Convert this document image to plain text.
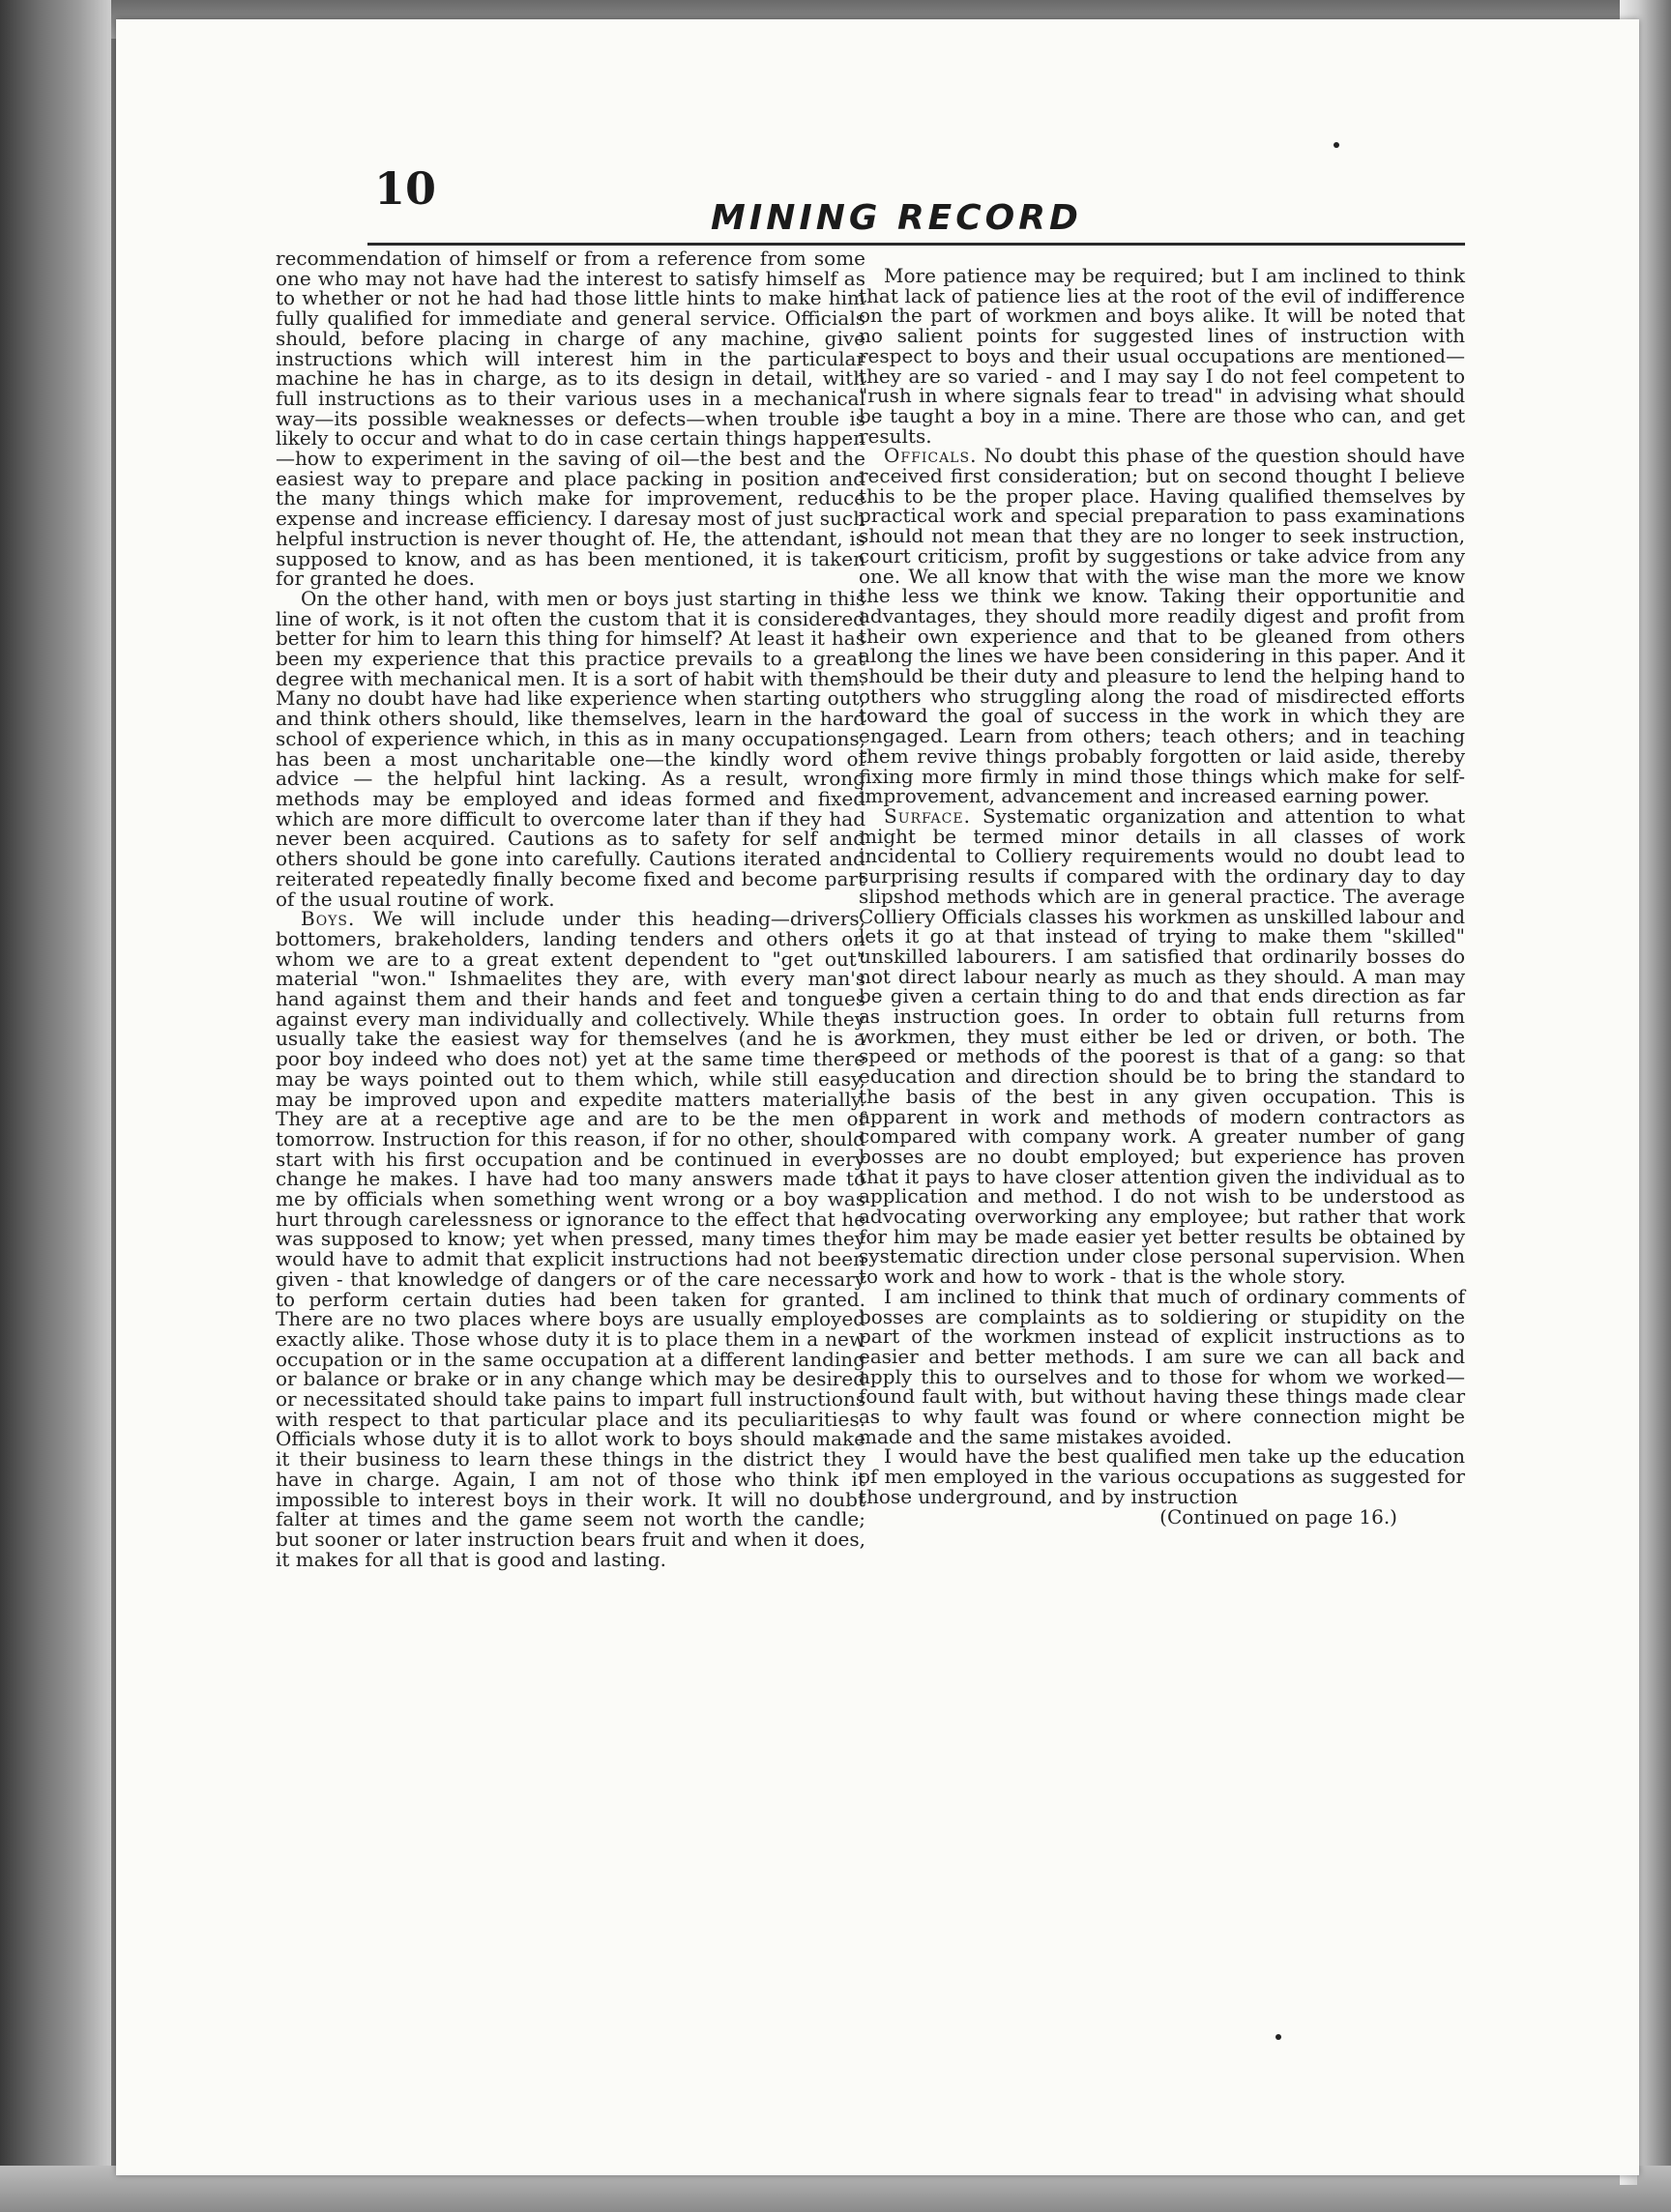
10
MINING RECORD

recommendation of himself or from a reference from some one who may not have had the interest to satisfy himself as to whether or not he had had those little hints to make him fully qualified for immediate and general service. Officials should, before placing in charge of any machine, give instructions which will interest him in the particular machine he has in charge, as to its design in detail, with full instructions as to their various uses in a mechanical way—its possible weaknesses or defects—when trouble is likely to occur and what to do in case certain things happen—how to experiment in the saving of oil—the best and the easiest way to prepare and place packing in position and the many things which make for improvement, reduce expense and increase efficiency. I daresay most of just such helpful instruction is never thought of. He, the attendant, is supposed to know, and as has been mentioned, it is taken for granted he does.

On the other hand, with men or boys just starting in this line of work, is it not often the custom that it is considered better for him to learn this thing for himself? At least it has been my experience that this practice prevails to a great degree with mechanical men. It is a sort of habit with them. Many no doubt have had like experience when starting out, and think others should, like themselves, learn in the hard school of experience which, in this as in many occupations, has been a most uncharitable one—the kindly word of advice — the helpful hint lacking. As a result, wrong methods may be employed and ideas formed and fixed which are more difficult to overcome later than if they had never been acquired. Cautions as to safety for self and others should be gone into carefully. Cautions iterated and reiterated repeatedly finally become fixed and become part of the usual routine of work.

Boys. We will include under this heading—drivers, bottomers, brakeholders, landing tenders and others on whom we are to a great extent dependent to "get out" material "won." Ishmaelites they are, with every man's hand against them and their hands and feet and tongues against every man individually and collectively. While they usually take the easiest way for themselves (and he is a poor boy indeed who does not) yet at the same time there may be ways pointed out to them which, while still easy, may be improved upon and expedite matters materially. They are at a receptive age and are to be the men of tomorrow. Instruction for this reason, if for no other, should start with his first occupation and be continued in every change he makes. I have had too many answers made to me by officials when something went wrong or a boy was hurt through carelessness or ignorance to the effect that he was supposed to know; yet when pressed, many times they would have to admit that explicit instructions had not been given - that knowledge of dangers or of the care necessary to perform certain duties had been taken for granted. There are no two places where boys are usually employed exactly alike. Those whose duty it is to place them in a new occupation or in the same occupation at a different landing or balance or brake or in any change which may be desired or necessitated should take pains to impart full instructions with respect to that particular place and its peculiarities. Officials whose duty it is to allot work to boys should make it their business to learn these things in the district they have in charge. Again, I am not of those who think it impossible to interest boys in their work. It will no doubt falter at times and the game seem not worth the candle; but sooner or later instruction bears fruit and when it does, it makes for all that is good and lasting.

More patience may be required; but I am inclined to think that lack of patience lies at the root of the evil of indifference on the part of workmen and boys alike. It will be noted that no salient points for suggested lines of instruction with respect to boys and their usual occupations are mentioned—they are so varied - and I may say I do not feel competent to "rush in where signals fear to tread" in advising what should be taught a boy in a mine. There are those who can, and get results.

Officals. No doubt this phase of the question should have received first consideration; but on second thought I believe this to be the proper place. Having qualified themselves by practical work and special preparation to pass examinations should not mean that they are no longer to seek instruction, court criticism, profit by suggestions or take advice from any one. We all know that with the wise man the more we know the less we think we know. Taking their opportunitie and advantages, they should more readily digest and profit from their own experience and that to be gleaned from others along the lines we have been considering in this paper. And it should be their duty and pleasure to lend the helping hand to others who struggling along the road of misdirected efforts toward the goal of success in the work in which they are engaged. Learn from others; teach others; and in teaching them revive things probably forgotten or laid aside, thereby fixing more firmly in mind those things which make for self-improvement, advancement and increased earning power.

Surface. Systematic organization and attention to what might be termed minor details in all classes of work incidental to Colliery requirements would no doubt lead to surprising results if compared with the ordinary day to day slipshod methods which are in general practice. The average Colliery Officials classes his workmen as unskilled labour and lets it go at that instead of trying to make them "skilled" unskilled labourers. I am satisfied that ordinarily bosses do not direct labour nearly as much as they should. A man may be given a certain thing to do and that ends direction as far as instruction goes. In order to obtain full returns from workmen, they must either be led or driven, or both. The speed or methods of the poorest is that of a gang: so that education and direction should be to bring the standard to the basis of the best in any given occupation. This is apparent in work and methods of modern contractors as compared with company work. A greater number of gang bosses are no doubt employed; but experience has proven that it pays to have closer attention given the individual as to application and method. I do not wish to be understood as advocating overworking any employee; but rather that work for him may be made easier yet better results be obtained by systematic direction under close personal supervision. When to work and how to work - that is the whole story.

I am inclined to think that much of ordinary comments of bosses are complaints as to soldiering or stupidity on the part of the workmen instead of explicit instructions as to easier and better methods. I am sure we can all back and apply this to ourselves and to those for whom we worked—found fault with, but without having these things made clear as to why fault was found or where connection might be made and the same mistakes avoided.

I would have the best qualified men take up the education of men employed in the various occupations as suggested for those underground, and by instruction

(Continued on page 16.)
